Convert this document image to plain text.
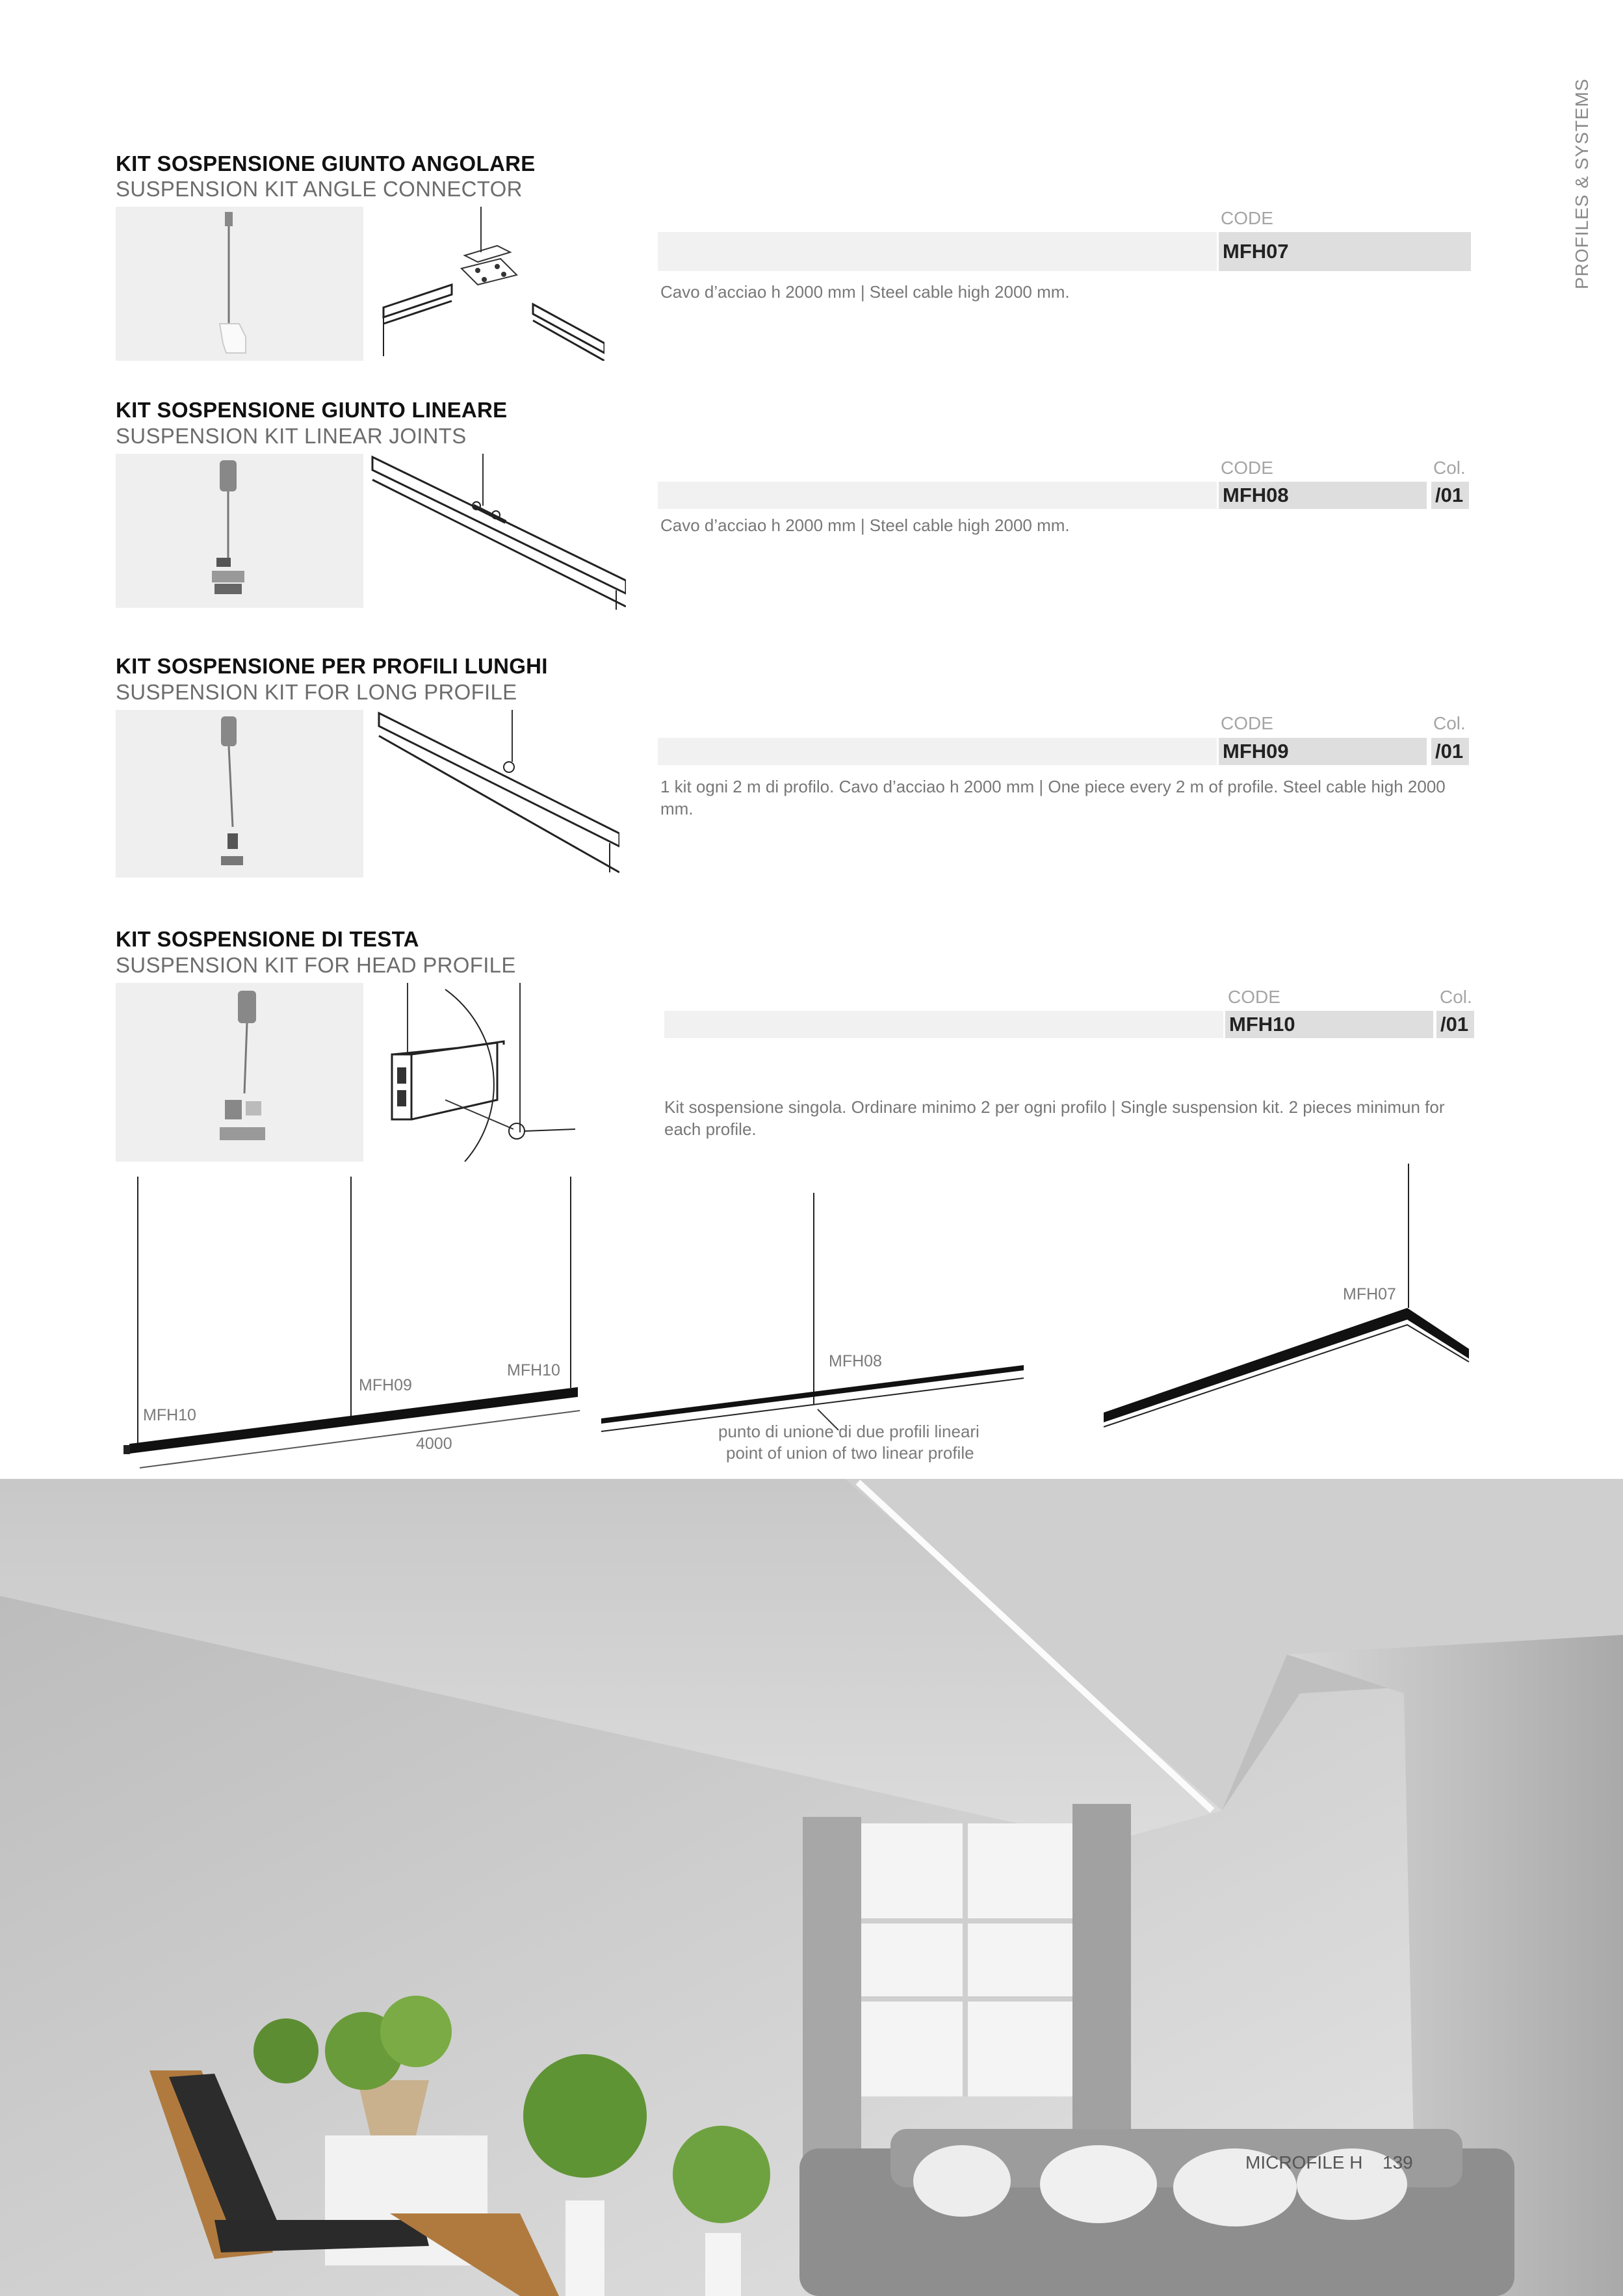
PROFILES & SYSTEMS
KIT SOSPENSIONE GIUNTO ANGOLARE
SUSPENSION KIT ANGLE CONNECTOR
CODE
MFH07
Cavo d’acciao h 2000 mm | Steel cable high 2000 mm.
KIT SOSPENSIONE GIUNTO LINEARE
SUSPENSION KIT LINEAR JOINTS
CODE	Col.
MFH08	/01
Cavo d’acciao h 2000 mm | Steel cable high 2000 mm.
KIT SOSPENSIONE PER PROFILI LUNGHI
SUSPENSION KIT FOR LONG PROFILE
CODE	Col.
MFH09	/01
1 kit ogni 2 m di profilo. Cavo d’acciao h 2000 mm | One piece every 2 m of profile. Steel cable high 2000 mm.
KIT SOSPENSIONE DI TESTA
SUSPENSION KIT FOR HEAD PROFILE
CODE	Col.
MFH10	/01
Kit sospensione singola. Ordinare minimo 2 per ogni profilo | Single suspension kit. 2 pieces minimun for each profile.
MFH10
MFH09
MFH10
4000
MFH08
punto di unione di due profili lineari
point of union of two linear profile
MFH07
MICROFILE H 139
